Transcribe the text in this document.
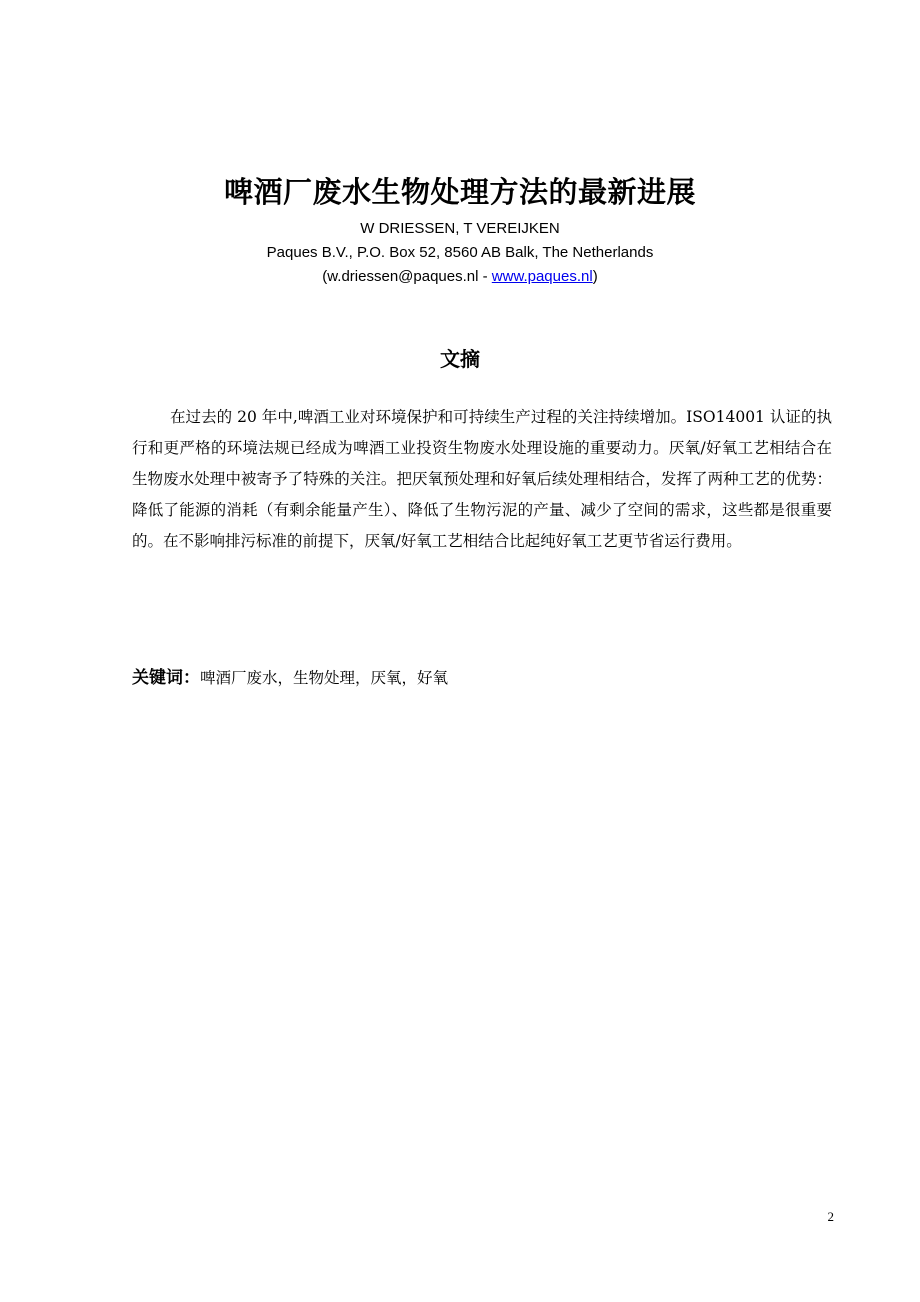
啤酒厂废水生物处理方法的最新进展
W DRIESSEN, T VEREIJKEN
Paques B.V., P.O. Box 52, 8560 AB Balk, The Netherlands
(w.driessen@paques.nl - www.paques.nl)
文摘

在过去的 20 年中,啤酒工业对环境保护和可持续生产过程的关注持续增加。ISO14001 认证的执行和更严格的环境法规已经成为啤酒工业投资生物废水处理设施的重要动力。厌氧/好氧工艺相结合在生物废水处理中被寄予了特殊的关注。把厌氧预处理和好氧后续处理相结合，发挥了两种工艺的优势：降低了能源的消耗（有剩余能量产生）、降低了生物污泥的产量、减少了空间的需求，这些都是很重要的。在不影响排污标准的前提下，厌氧/好氧工艺相结合比起纯好氧工艺更节省运行费用。

关键词：啤酒厂废水，生物处理，厌氧，好氧
2
